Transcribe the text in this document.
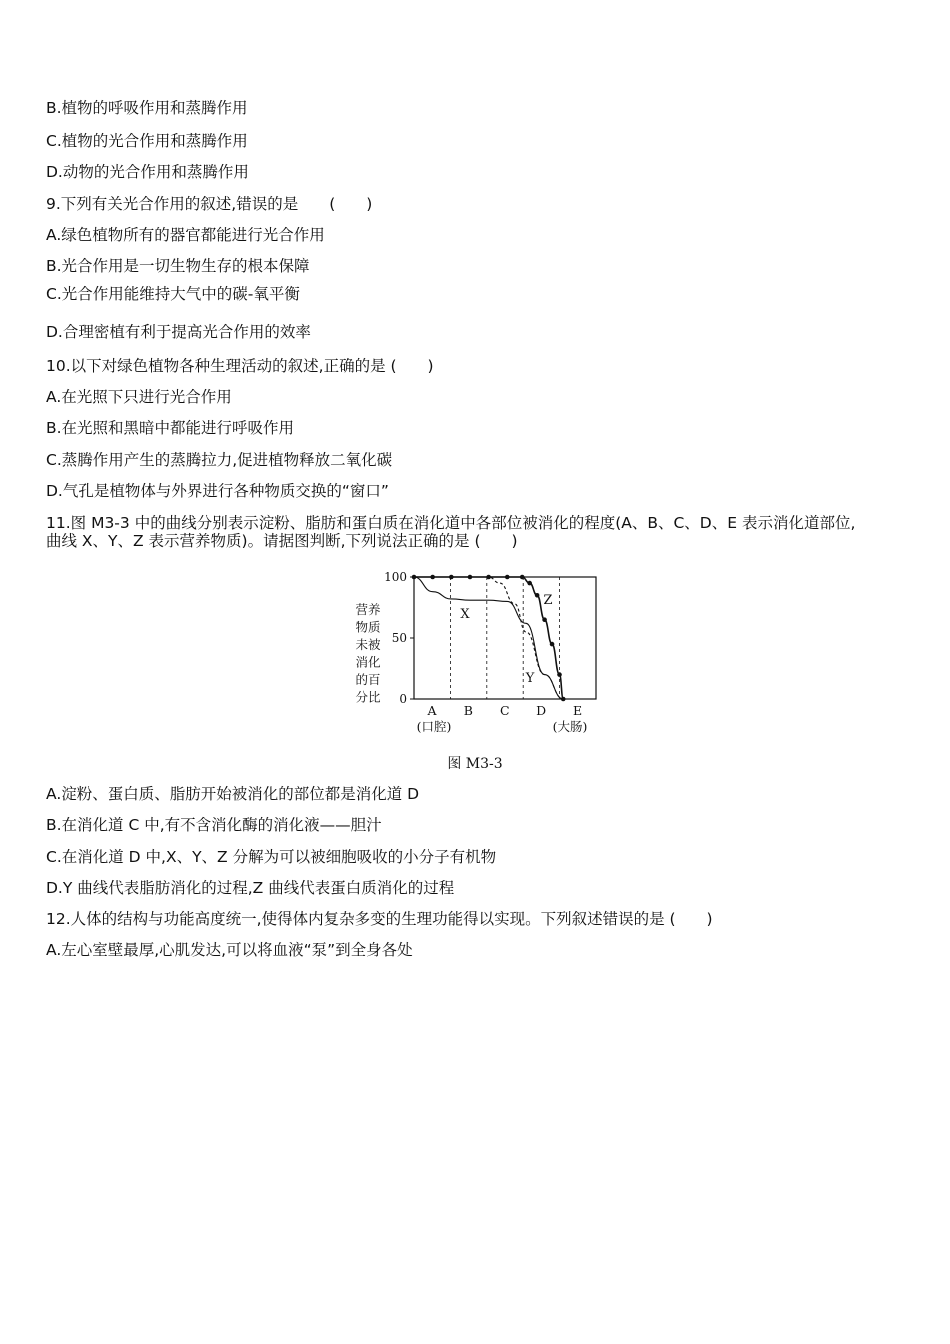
B.植物的呼吸作用和蒸腾作用
C.植物的光合作用和蒸腾作用
D.动物的光合作用和蒸腾作用
9.下列有关光合作用的叙述,错误的是　　(　　)
A.绿色植物所有的器官都能进行光合作用
B.光合作用是一切生物生存的根本保障
C.光合作用能维持大气中的碳-氧平衡
D.合理密植有利于提高光合作用的效率
10.以下对绿色植物各种生理活动的叙述,正确的是 (　　)
A.在光照下只进行光合作用
B.在光照和黑暗中都能进行呼吸作用
C.蒸腾作用产生的蒸腾拉力,促进植物释放二氧化碳
D.气孔是植物体与外界进行各种物质交换的“窗口”
11.图 M3-3 中的曲线分别表示淀粉、脂肪和蛋白质在消化道中各部位被消化的程度(A、B、C、D、E 表示消化道部位,
曲线 X、Y、Z 表示营养物质)。请据图判断,下列说法正确的是 (　　)
A.淀粉、蛋白质、脂肪开始被消化的部位都是消化道 D
B.在消化道 C 中,有不含消化酶的消化液——胆汁
C.在消化道 D 中,X、Y、Z 分解为可以被细胞吸收的小分子有机物
D.Y 曲线代表脂肪消化的过程,Z 曲线代表蛋白质消化的过程
12.人体的结构与功能高度统一,使得体内复杂多变的生理功能得以实现。下列叙述错误的是 (　　)
A.左心室壁最厚,心肌发达,可以将血液“泵”到全身各处
100
50
0
营养
物质
未被
消化
的百
分比
A B C D E
(口腔)	(大肠)
X
Y
Z
图 M3-3
